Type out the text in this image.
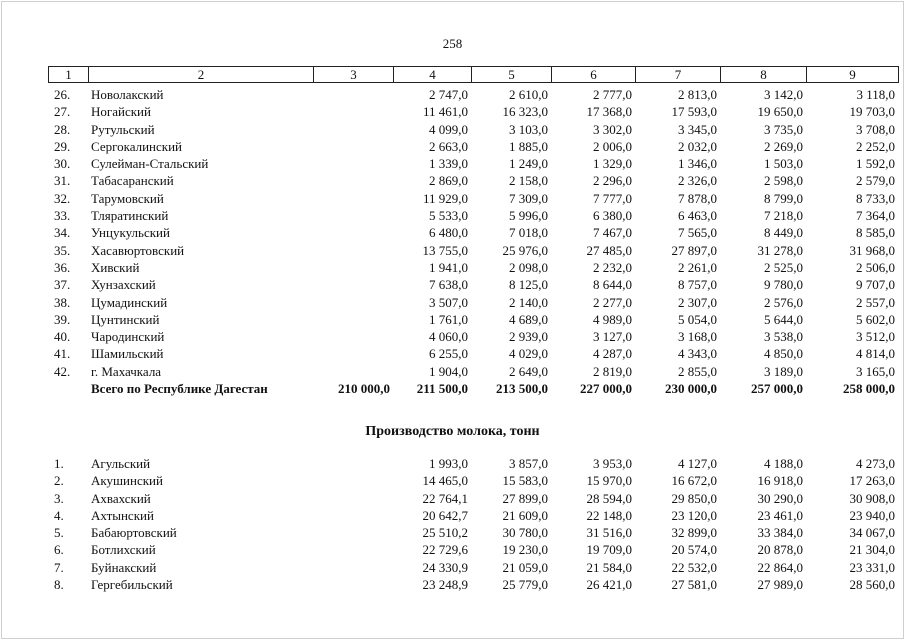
258
1	2	3	4	5	6	7	8	9
26.	Новолакский		2 747,0	2 610,0	2 777,0	2 813,0	3 142,0	3 118,0
27.	Ногайский		11 461,0	16 323,0	17 368,0	17 593,0	19 650,0	19 703,0
28.	Рутульский		4 099,0	3 103,0	3 302,0	3 345,0	3 735,0	3 708,0
29.	Сергокалинский		2 663,0	1 885,0	2 006,0	2 032,0	2 269,0	2 252,0
30.	Сулейман-Стальский		1 339,0	1 249,0	1 329,0	1 346,0	1 503,0	1 592,0
31.	Табасаранский		2 869,0	2 158,0	2 296,0	2 326,0	2 598,0	2 579,0
32.	Тарумовский		11 929,0	7 309,0	7 777,0	7 878,0	8 799,0	8 733,0
33.	Тляратинский		5 533,0	5 996,0	6 380,0	6 463,0	7 218,0	7 364,0
34.	Унцукульский		6 480,0	7 018,0	7 467,0	7 565,0	8 449,0	8 585,0
35.	Хасавюртовский		13 755,0	25 976,0	27 485,0	27 897,0	31 278,0	31 968,0
36.	Хивский		1 941,0	2 098,0	2 232,0	2 261,0	2 525,0	2 506,0
37.	Хунзахский		7 638,0	8 125,0	8 644,0	8 757,0	9 780,0	9 707,0
38.	Цумадинский		3 507,0	2 140,0	2 277,0	2 307,0	2 576,0	2 557,0
39.	Цунтинский		1 761,0	4 689,0	4 989,0	5 054,0	5 644,0	5 602,0
40.	Чародинский		4 060,0	2 939,0	3 127,0	3 168,0	3 538,0	3 512,0
41.	Шамильский		6 255,0	4 029,0	4 287,0	4 343,0	4 850,0	4 814,0
42.	г. Махачкала		1 904,0	2 649,0	2 819,0	2 855,0	3 189,0	3 165,0
	Всего по Республике Дагестан	210 000,0	211 500,0	213 500,0	227 000,0	230 000,0	257 000,0	258 000,0
Производство молока, тонн
1.	Агульский		1 993,0	3 857,0	3 953,0	4 127,0	4 188,0	4 273,0
2.	Акушинский		14 465,0	15 583,0	15 970,0	16 672,0	16 918,0	17 263,0
3.	Ахвахский		22 764,1	27 899,0	28 594,0	29 850,0	30 290,0	30 908,0
4.	Ахтынский		20 642,7	21 609,0	22 148,0	23 120,0	23 461,0	23 940,0
5.	Бабаюртовский		25 510,2	30 780,0	31 516,0	32 899,0	33 384,0	34 067,0
6.	Ботлихский		22 729,6	19 230,0	19 709,0	20 574,0	20 878,0	21 304,0
7.	Буйнакский		24 330,9	21 059,0	21 584,0	22 532,0	22 864,0	23 331,0
8.	Гергебильский		23 248,9	25 779,0	26 421,0	27 581,0	27 989,0	28 560,0
